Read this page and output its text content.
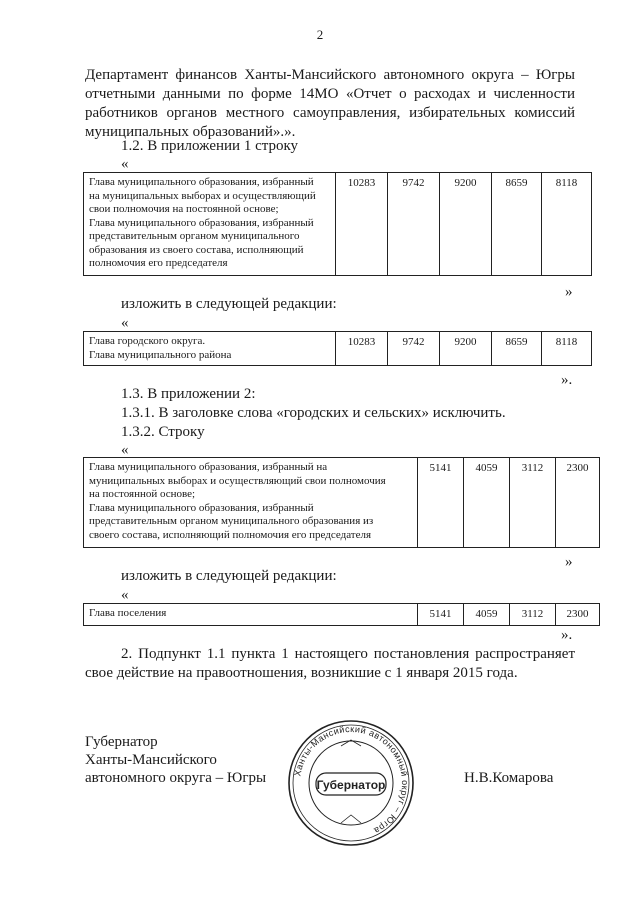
2
Департамент финансов Ханты-Мансийского автономного округа – Югры
отчетными данными по форме 14МО «Отчет о расходах и численности
работников органов местного самоуправления, избирательных комиссий
муниципальных образований».».
1.2. В приложении 1 строку
«
Глава муниципального образования, избранный
на муниципальных выборах и осуществляющий
свои полномочия на постоянной основе;
Глава муниципального образования, избранный
представительным органом муниципального
образования из своего состава, исполняющий
полномочия его председателя
	10283	9742	9200	8659	8118
»
изложить в следующей редакции:
«
Глава городского округа.
Глава муниципального района
	10283	9742	9200	8659	8118
».
1.3. В приложении 2:
1.3.1. В заголовке слова «городских и сельских» исключить.
1.3.2. Строку
«
Глава муниципального образования, избранный на
муниципальных выборах и осуществляющий свои полномочия
на постоянной основе;
Глава муниципального образования, избранный
представительным органом муниципального образования из
своего состава, исполняющий полномочия его председателя
	5141	4059	3112	2300
»
изложить в следующей редакции:
«
Глава поселения	5141	4059	3112	2300
».
2. Подпункт 1.1 пункта 1 настоящего постановления распространяет
свое действие на правоотношения, возникшие с 1 января 2015 года.
Губернатор
Ханты-Мансийского
автономного округа – Югры	Ханты-Мансийский автономный округ – Югра
Губернатор	Н.В.Комарова
